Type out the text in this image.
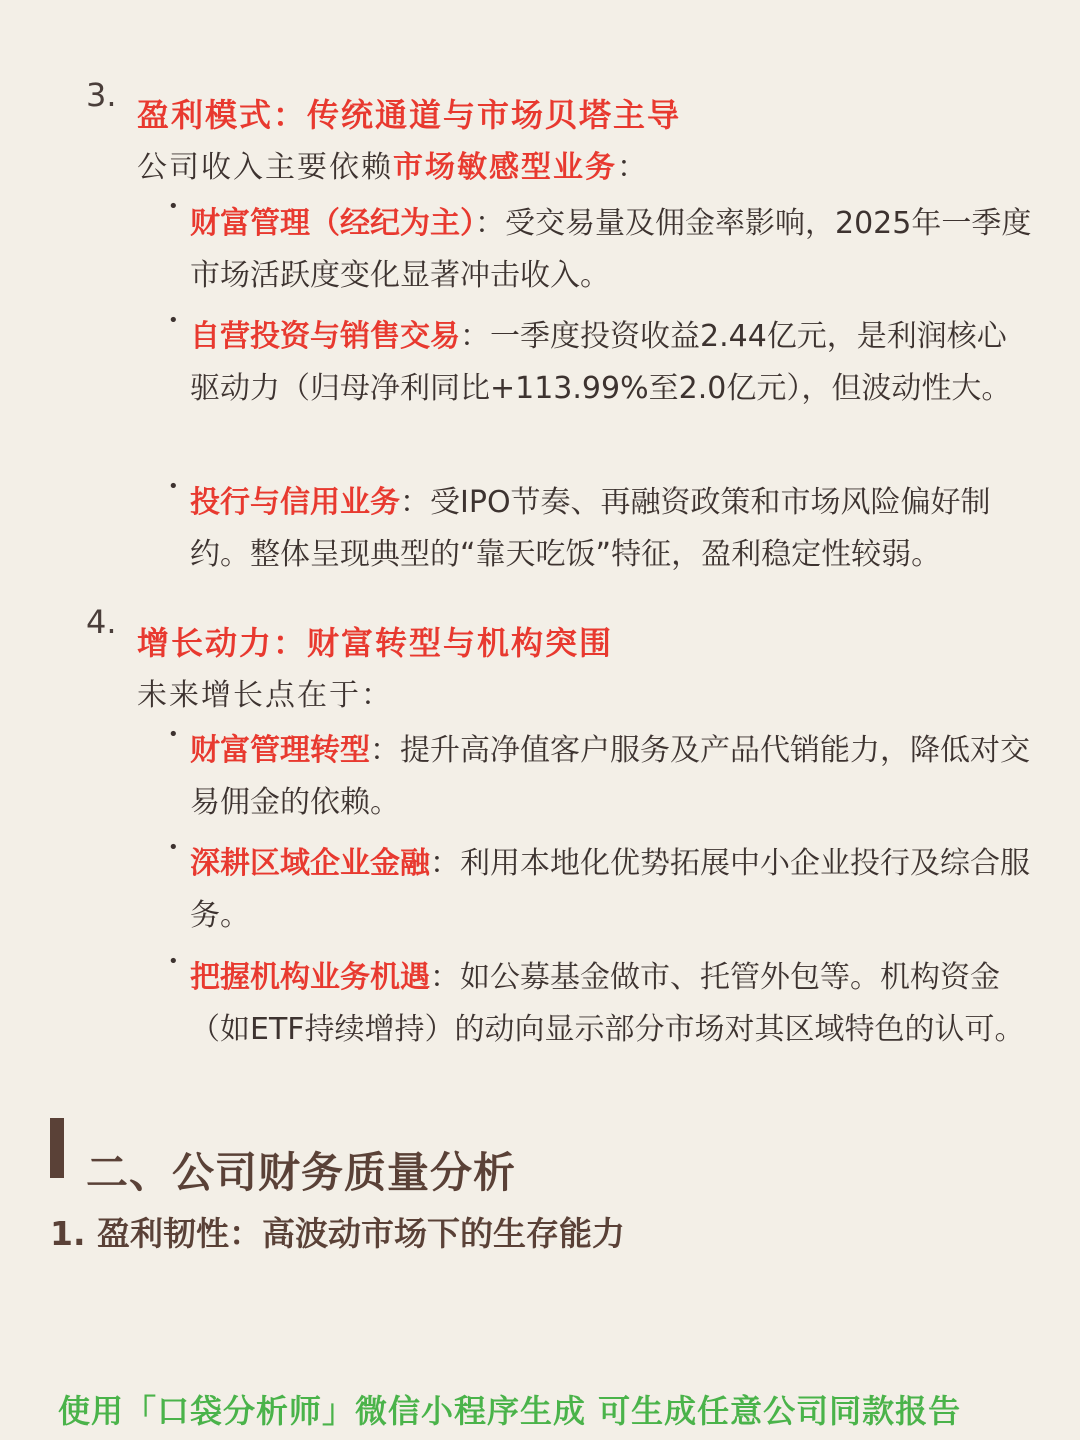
3.
盈利模式：传统通道与市场贝塔主导
公司收入主要依赖市场敏感型业务：
• 财富管理（经纪为主）：受交易量及佣金率影响，2025年一季度市场活跃度变化显著冲击收入。
• 自营投资与销售交易：一季度投资收益2.44亿元，是利润核心驱动力（归母净利同比+113.99%至2.0亿元），但波动性大。
• 投行与信用业务：受IPO节奏、再融资政策和市场风险偏好制约。整体呈现典型的“靠天吃饭”特征，盈利稳定性较弱。
4.
增长动力：财富转型与机构突围
未来增长点在于：
• 财富管理转型：提升高净值客户服务及产品代销能力，降低对交易佣金的依赖。
• 深耕区域企业金融：利用本地化优势拓展中小企业投行及综合服务。
• 把握机构业务机遇：如公募基金做市、托管外包等。机构资金（如ETF持续增持）的动向显示部分市场对其区域特色的认可。
二、公司财务质量分析
1. 盈利韧性：高波动市场下的生存能力
使用「口袋分析师」微信小程序生成 可生成任意公司同款报告
